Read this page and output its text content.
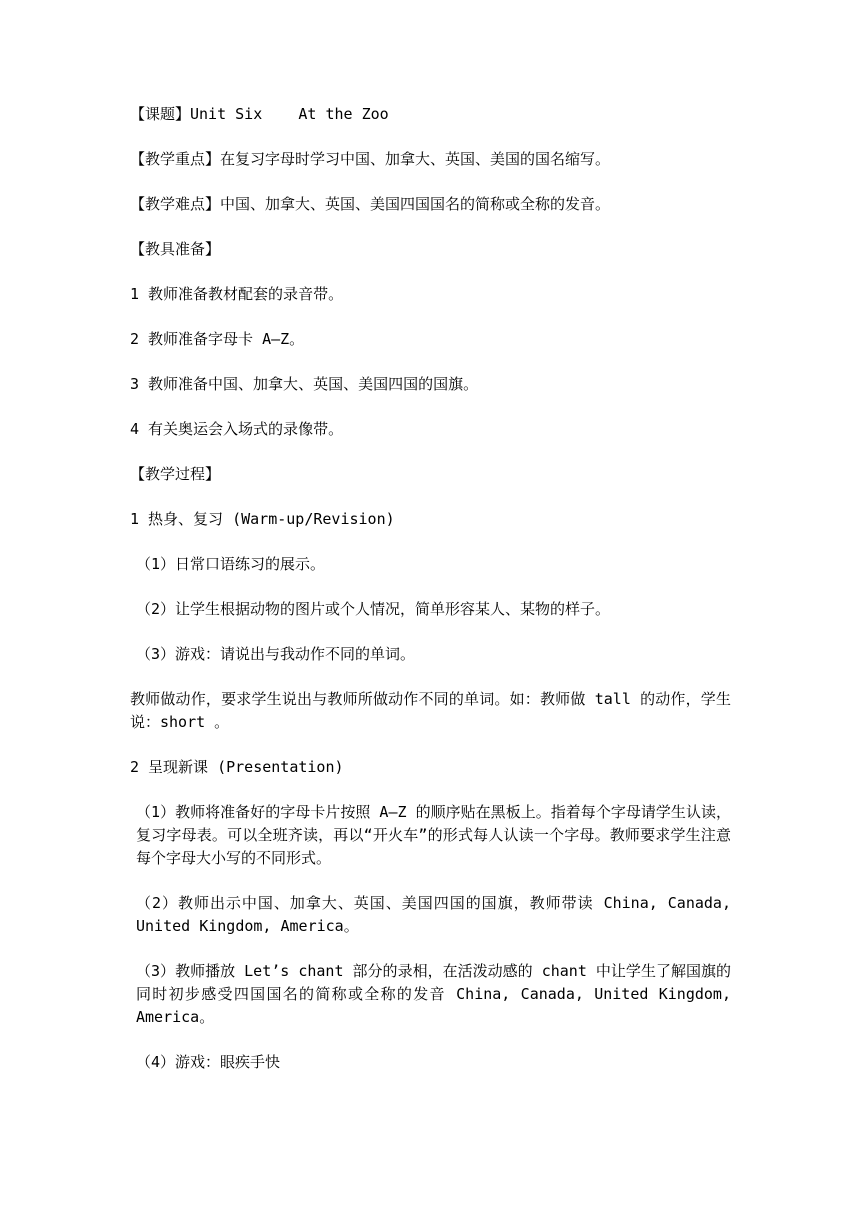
【课题】Unit Six    At the Zoo

【教学重点】在复习字母时学习中国、加拿大、英国、美国的国名缩写。

【教学难点】中国、加拿大、英国、美国四国国名的简称或全称的发音。

【教具准备】

1 教师准备教材配套的录音带。

2 教师准备字母卡 A—Z。

3 教师准备中国、加拿大、英国、美国四国的国旗。

4 有关奥运会入场式的录像带。

【教学过程】

1 热身、复习 (Warm-up/Revision)

（1）日常口语练习的展示。

（2）让学生根据动物的图片或个人情况，简单形容某人、某物的样子。

（3）游戏：请说出与我动作不同的单词。

教师做动作，要求学生说出与教师所做动作不同的单词。如：教师做 tall 的动作，学生说：short 。

2 呈现新课 (Presentation)

（1）教师将准备好的字母卡片按照 A—Z 的顺序贴在黑板上。指着每个字母请学生认读，复习字母表。可以全班齐读，再以“开火车”的形式每人认读一个字母。教师要求学生注意每个字母大小写的不同形式。

（2）教师出示中国、加拿大、英国、美国四国的国旗，教师带读 China, Canada, United Kingdom, America。

（3）教师播放 Let’s chant 部分的录相，在活泼动感的 chant 中让学生了解国旗的同时初步感受四国国名的简称或全称的发音 China, Canada, United Kingdom, America。

（4）游戏：眼疾手快
